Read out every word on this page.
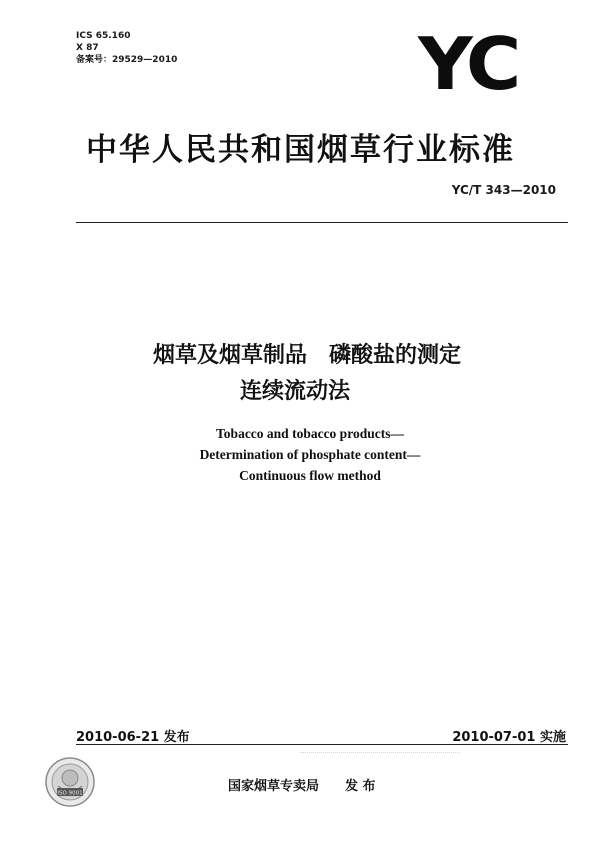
ICS 65.160
X 87
备案号：29529—2010	YC
中华人民共和国烟草行业标准
YC/T 343—2010
烟草及烟草制品　磷酸盐的测定
连续流动法
Tobacco and tobacco products—
Determination of phosphate content—
Continuous flow method
2010-06-21 发布	2010-07-01 实施
ISO 9001	国家烟草专卖局　　发 布
